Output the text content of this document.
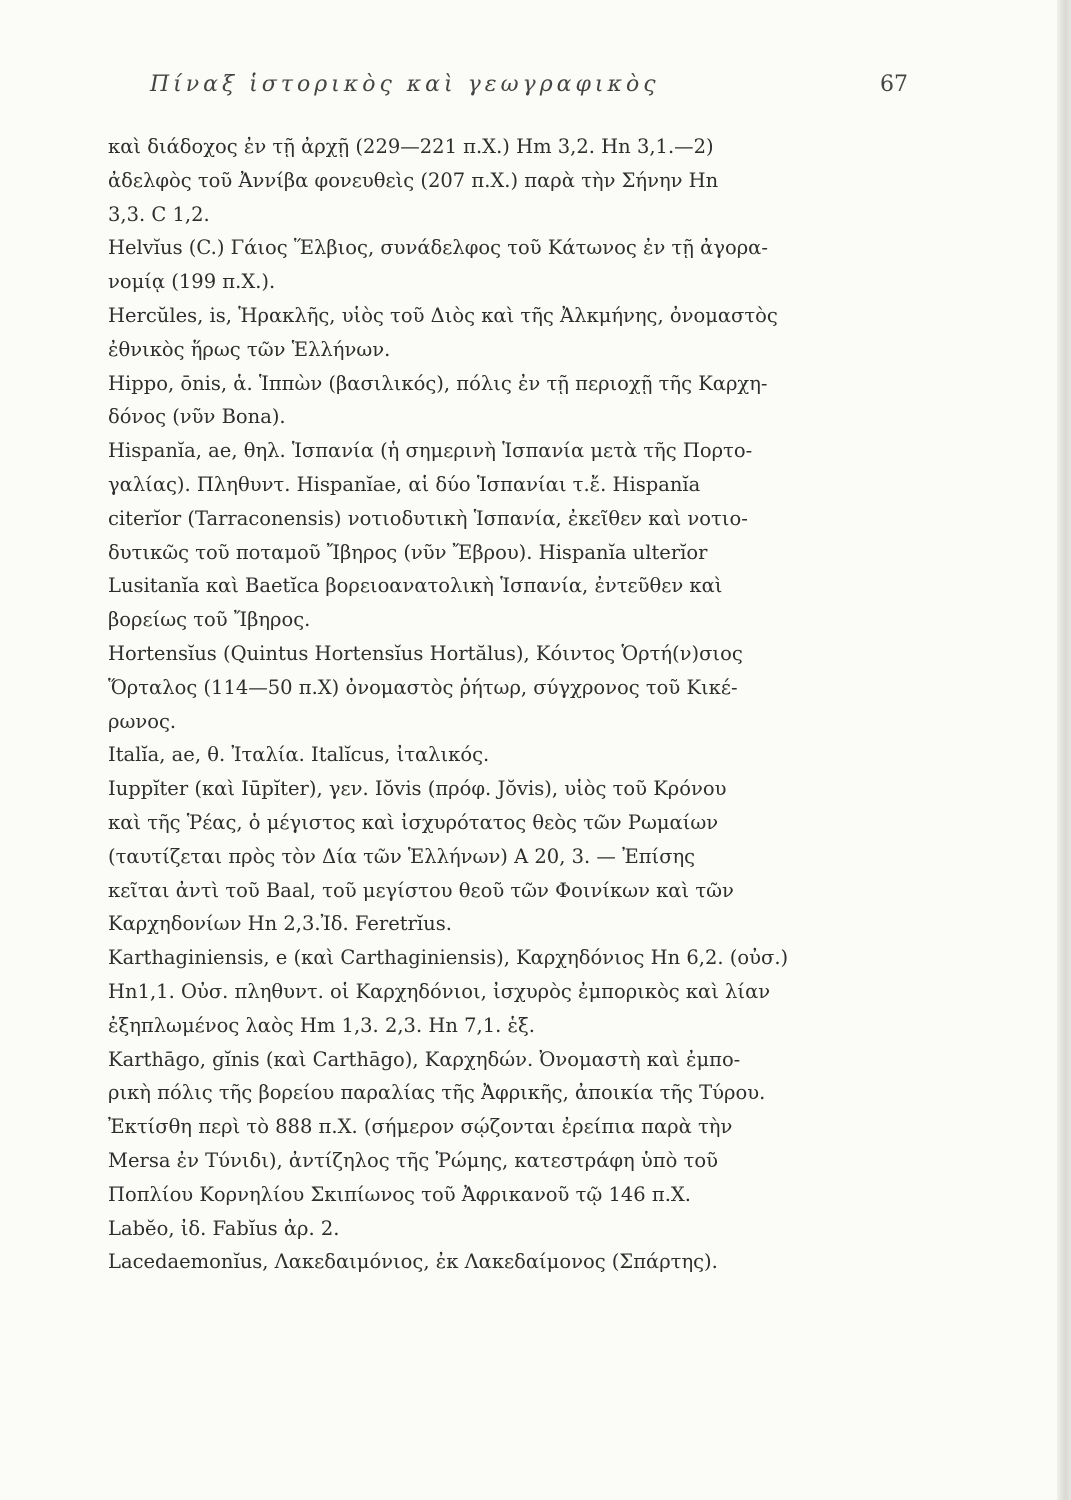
Πίναξ ἱστορικὸς καὶ γεωγραφικὸς	67

καὶ διάδοχος ἐν τῇ ἀρχῇ (229—221 π.Χ.) Hm 3,2. Hn 3,1.—2)
ἀδελφὸς τοῦ Ἀννίβα φονευθεὶς (207 π.Χ.) παρὰ τὴν Σήνην Hn
3,3. C 1,2.

Helvĭus (C.) Γάιος Ἕλβιος, συνάδελφος τοῦ Κάτωνος ἐν τῇ ἀγορα-
νομίᾳ (199 π.Χ.).

Hercŭles, is, Ἡρακλῆς, υἱὸς τοῦ Διὸς καὶ τῆς Ἀλκμήνης, ὀνομαστὸς
ἐθνικὸς ἥρως τῶν Ἑλλήνων.

Hippo, ōnis, ἁ. Ἱππὼν (βασιλικός), πόλις ἐν τῇ περιοχῇ τῆς Καρχη-
δόνος (νῦν Bona).

Hispanĭa, ae, θηλ. Ἱσπανία (ἡ σημερινὴ Ἱσπανία μετὰ τῆς Πορτο-
γαλίας). Πληθυντ. Hispanĭae, αἱ δύο Ἱσπανίαι τ.ἔ. Hispanĭa
citerĭor (Tarraconensis) νοτιοδυτικὴ Ἱσπανία, ἐκεῖθεν καὶ νοτιο-
δυτικῶς τοῦ ποταμοῦ Ἴβηρος (νῦν Ἔβρου). Hispanĭa ulterĭor
Lusitanĭa καὶ Baetĭca βορειοανατολικὴ Ἱσπανία, ἐντεῦθεν καὶ
βορείως τοῦ Ἴβηρος.

Hortensĭus (Quintus Hortensĭus Hortălus), Κόιντος Ὁρτή(ν)σιος
Ὅρταλος (114—50 π.Χ) ὀνομαστὸς ῥήτωρ, σύγχρονος τοῦ Κικέ-
ρωνος.

Italĭa, ae, θ. Ἰταλία. Italĭcus, ἰταλικός.

Iuppĭter (καὶ Iūpĭter), γεν. Iŏvis (πρόφ. Jŏvis), υἱὸς τοῦ Κρόνου
καὶ τῆς Ῥέας, ὁ μέγιστος καὶ ἰσχυρότατος θεὸς τῶν Ρωμαίων
(ταυτίζεται πρὸς τὸν Δία τῶν Ἑλλήνων) A 20, 3. — Ἐπίσης
κεῖται ἀντὶ τοῦ Baal, τοῦ μεγίστου θεοῦ τῶν Φοινίκων καὶ τῶν
Καρχηδονίων Hn 2,3.Ἰδ. Feretrĭus.

Karthaginiensis, e (καὶ Carthaginiensis), Καρχηδόνιος Hn 6,2. (οὐσ.)
Hn1,1. Οὐσ. πληθυντ. οἱ Καρχηδόνιοι, ἰσχυρὸς ἐμπορικὸς καὶ λίαν
ἐξηπλωμένος λαὸς Hm 1,3. 2,3. Hn 7,1. ἑξ.

Karthāgo, gĭnis (καὶ Carthāgo), Καρχηδών. Ὀνομαστὴ καὶ ἐμπο-
ρικὴ πόλις τῆς βορείου παραλίας τῆς Ἀφρικῆς, ἀποικία τῆς Τύρου.
Ἐκτίσθη περὶ τὸ 888 π.Χ. (σήμερον σῴζονται ἐρείπια παρὰ τὴν
Mersa ἐν Τύνιδι), ἀντίζηλος τῆς Ῥώμης, κατεστράφη ὑπὸ τοῦ
Ποπλίου Κορνηλίου Σκιπίωνος τοῦ Ἀφρικανοῦ τῷ 146 π.Χ.

Labĕo, ἰδ. Fabĭus ἀρ. 2.

Lacedaemonĭus, Λακεδαιμόνιος, ἐκ Λακεδαίμονος (Σπάρτης).
